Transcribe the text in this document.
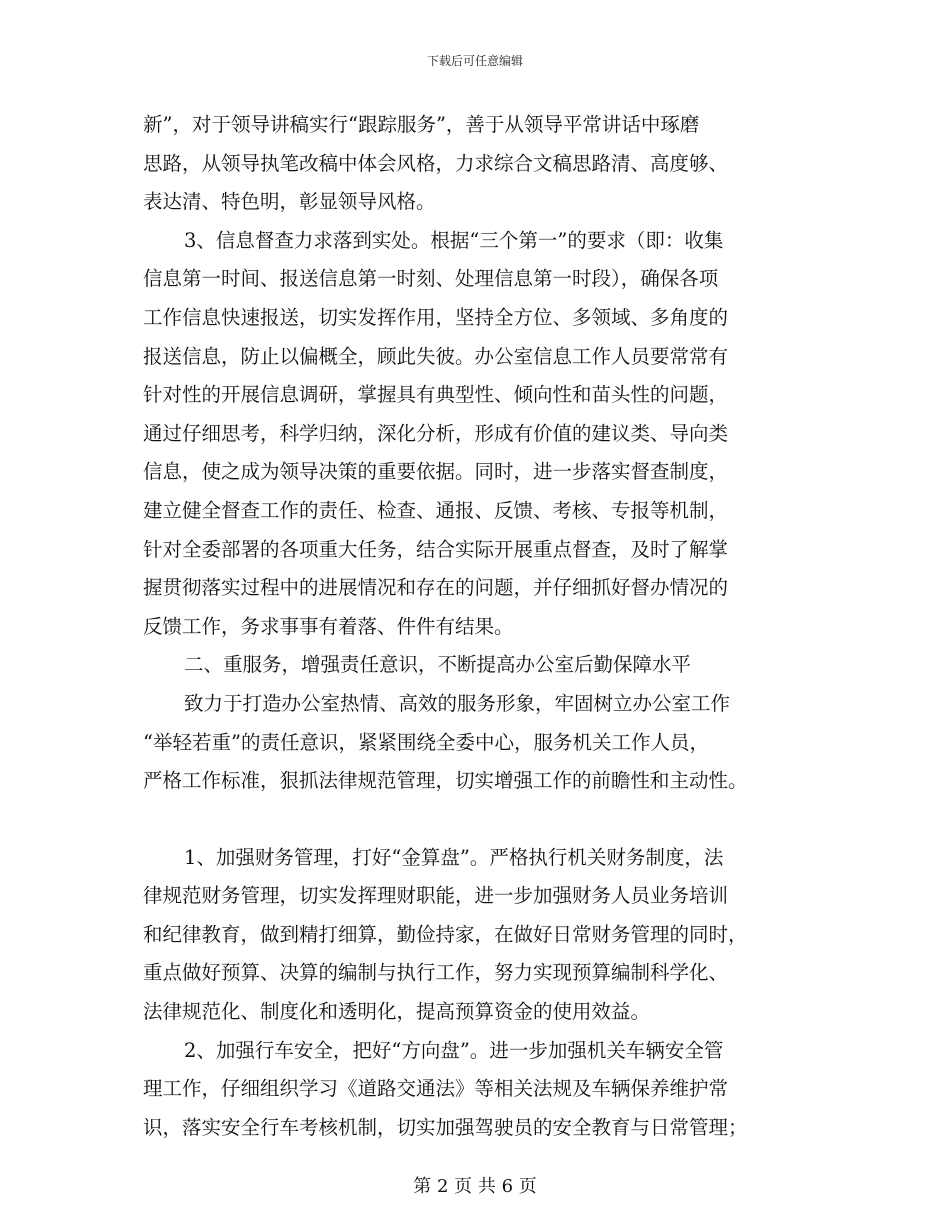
下载后可任意编辑
新”，对于领导讲稿实行“跟踪服务”，善于从领导平常讲话中琢磨
思路，从领导执笔改稿中体会风格，力求综合文稿思路清、高度够、
表达清、特色明，彰显领导风格。
3、信息督查力求落到实处。根据“三个第一”的要求（即：收集
信息第一时间、报送信息第一时刻、处理信息第一时段），确保各项
工作信息快速报送，切实发挥作用，坚持全方位、多领域、多角度的
报送信息，防止以偏概全，顾此失彼。办公室信息工作人员要常常有
针对性的开展信息调研，掌握具有典型性、倾向性和苗头性的问题，
通过仔细思考，科学归纳，深化分析，形成有价值的建议类、导向类
信息，使之成为领导决策的重要依据。同时，进一步落实督查制度，
建立健全督查工作的责任、检查、通报、反馈、考核、专报等机制，
针对全委部署的各项重大任务，结合实际开展重点督查，及时了解掌
握贯彻落实过程中的进展情况和存在的问题，并仔细抓好督办情况的
反馈工作，务求事事有着落、件件有结果。
二、重服务，增强责任意识，不断提高办公室后勤保障水平
致力于打造办公室热情、高效的服务形象，牢固树立办公室工作
“举轻若重”的责任意识，紧紧围绕全委中心，服务机关工作人员，
严格工作标准，狠抓法律规范管理，切实增强工作的前瞻性和主动性。
1、加强财务管理，打好“金算盘”。严格执行机关财务制度，法
律规范财务管理，切实发挥理财职能，进一步加强财务人员业务培训
和纪律教育，做到精打细算，勤俭持家，在做好日常财务管理的同时，
重点做好预算、决算的编制与执行工作，努力实现预算编制科学化、
法律规范化、制度化和透明化，提高预算资金的使用效益。
2、加强行车安全，把好“方向盘”。进一步加强机关车辆安全管
理工作，仔细组织学习《道路交通法》等相关法规及车辆保养维护常
识，落实安全行车考核机制，切实加强驾驶员的安全教育与日常管理；
第 2 页 共 6 页
